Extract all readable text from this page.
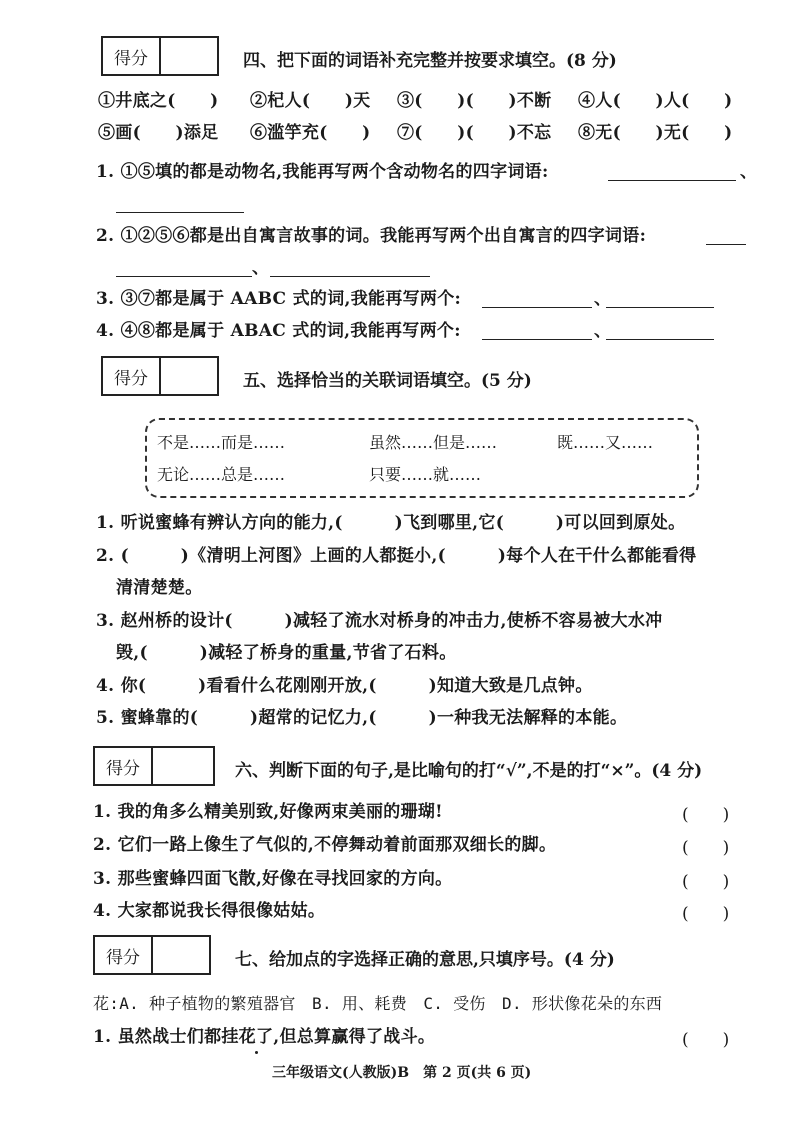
得分	四、把下面的词语补充完整并按要求填空。(8 分)
①井底之(　　) ②杞人(　　)天 ③(　　)(　　)不断 ④人(　　)人(　　)
⑤画(　　)添足 ⑥滥竽充(　　) ⑦(　　)(　　)不忘 ⑧无(　　)无(　　)
1. ①⑤填的都是动物名,我能再写两个含动物名的四字词语:	、
2. ①②⑤⑥都是出自寓言故事的词。我能再写两个出自寓言的四字词语:
、
3. ③⑦都是属于 AABC 式的词,我能再写两个:	、
4. ④⑧都是属于 ABAC 式的词,我能再写两个:	、
得分	五、选择恰当的关联词语填空。(5 分)
不是……而是……	虽然……但是……	既……又……
无论……总是……	只要……就……
1. 听说蜜蜂有辨认方向的能力,(　　　)飞到哪里,它(　　　)可以回到原处。
2. (　　　)《清明上河图》上画的人都挺小,(　　　)每个人在干什么都能看得
清清楚楚。
3. 赵州桥的设计(　　　)减轻了流水对桥身的冲击力,使桥不容易被大水冲
毁,(　　　)减轻了桥身的重量,节省了石料。
4. 你(　　　)看看什么花刚刚开放,(　　　)知道大致是几点钟。
5. 蜜蜂靠的(　　　)超常的记忆力,(　　　)一种我无法解释的本能。
得分	六、判断下面的句子,是比喻句的打“√”,不是的打“×”。(4 分)
1. 我的角多么精美别致,好像两束美丽的珊瑚!	(　　)
2. 它们一路上像生了气似的,不停舞动着前面那双细长的脚。	(　　)
3. 那些蜜蜂四面飞散,好像在寻找回家的方向。	(　　)
4. 大家都说我长得很像姑姑。	(　　)
得分	七、给加点的字选择正确的意思,只填序号。(4 分)
花:A. 种子植物的繁殖器官　B. 用、耗费　C. 受伤　D. 形状像花朵的东西
1. 虽然战士们都挂花了,但总算赢得了战斗。	(　　)
三年级语文(人教版)B　第 2 页(共 6 页)
